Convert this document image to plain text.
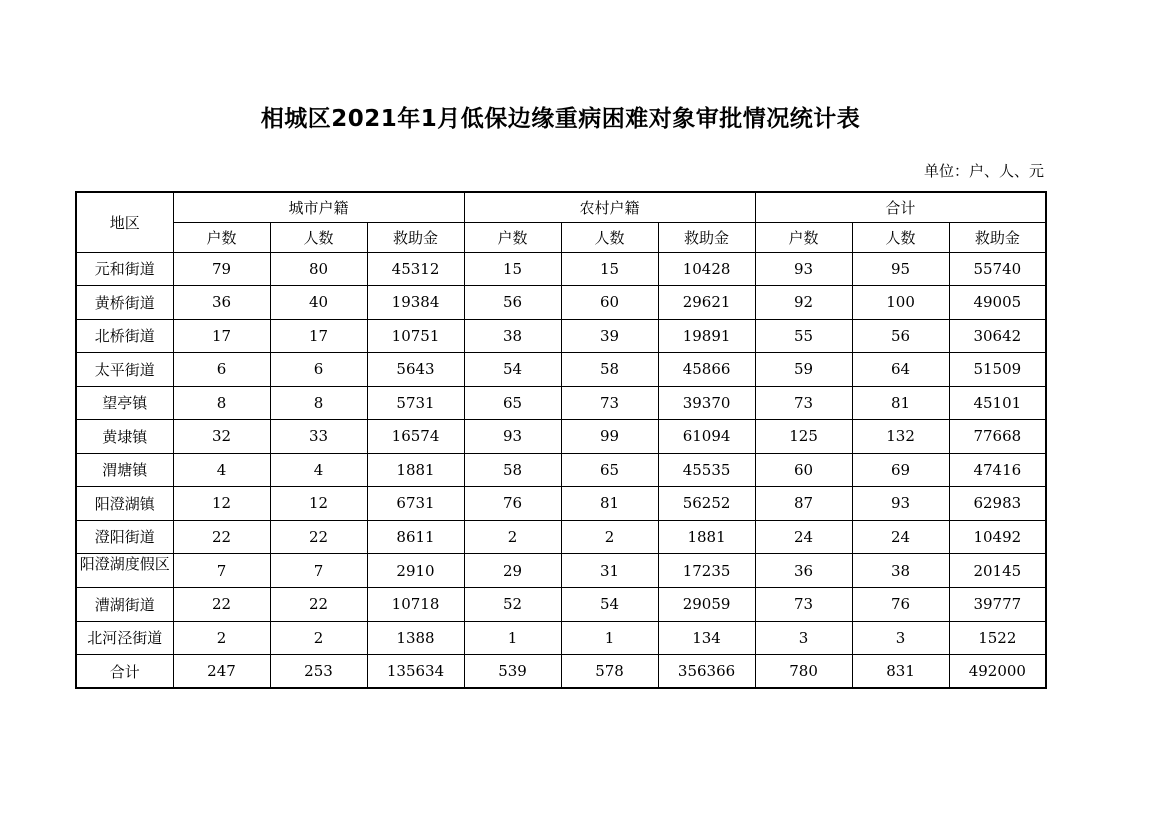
相城区2021年1月低保边缘重病困难对象审批情况统计表
单位：户、人、元
地区	城市户籍			农村户籍			合计		
	户数	人数	救助金	户数	人数	救助金	户数	人数	救助金
元和街道	79	80	45312	15	15	10428	93	95	55740
黄桥街道	36	40	19384	56	60	29621	92	100	49005
北桥街道	17	17	10751	38	39	19891	55	56	30642
太平街道	6	6	5643	54	58	45866	59	64	51509
望亭镇	8	8	5731	65	73	39370	73	81	45101
黄埭镇	32	33	16574	93	99	61094	125	132	77668
渭塘镇	4	4	1881	58	65	45535	60	69	47416
阳澄湖镇	12	12	6731	76	81	56252	87	93	62983
澄阳街道	22	22	8611	2	2	1881	24	24	10492

阳澄湖度假区	7	7	2910	29	31	17235	36	38	20145
漕湖街道	22	22	10718	52	54	29059	73	76	39777
北河泾街道	2	2	1388	1	1	134	3	3	1522
合计	247	253	135634	539	578	356366	780	831	492000
